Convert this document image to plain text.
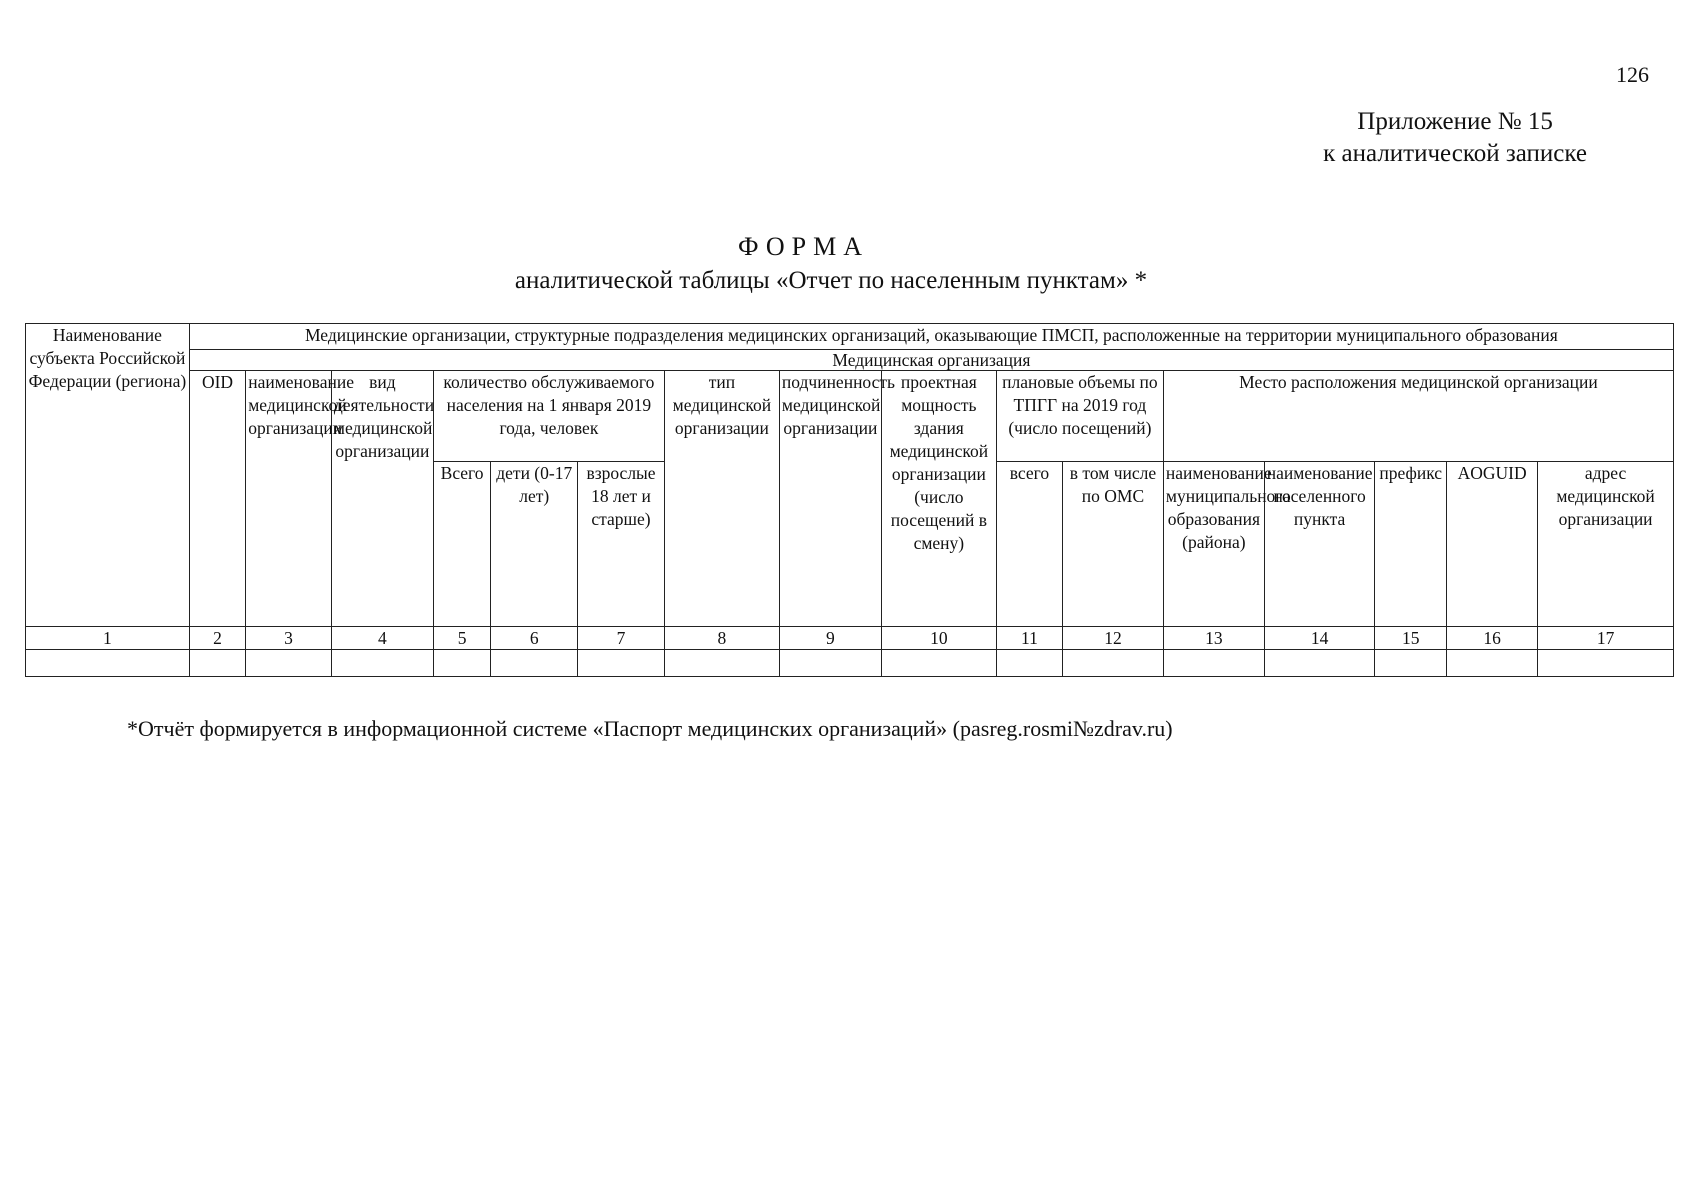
126
Приложение № 15
к аналитической записке
ФОРМА
аналитической таблицы «Отчет по населенным пунктам» *
Наименование субъекта Российской Федерации (региона)	Медицинские организации, структурные подразделения медицинских организаций, оказывающие ПМСП, расположенные на территории муниципального образования															
	Медицинская организация															
	OID	наименование медицинской организации	вид деятельности медицинской организации	количество обслуживаемого населения на 1 января 2019 года, человек			тип медицинской организации	подчиненность медицинской организации	проектная мощность здания медицинской организации (число посещений в смену)	плановые объемы по ТПГГ на 2019 год (число посещений)		Место расположения медицинской организации				
				Всего	дети (0-17 лет)	взрослые 18 лет и старше)				всего	в том числе по ОМС	наименование муниципального образования (района)	наименование населенного пункта	префикс	AOGUID	адрес медицинской организации
1	2	3	4	5	6	7	8	9	10	11	12	13	14	15	16	17

*Отчёт формируется в информационной системе «Паспорт медицинских организаций» (pasreg.rosmi№zdrav.ru)
